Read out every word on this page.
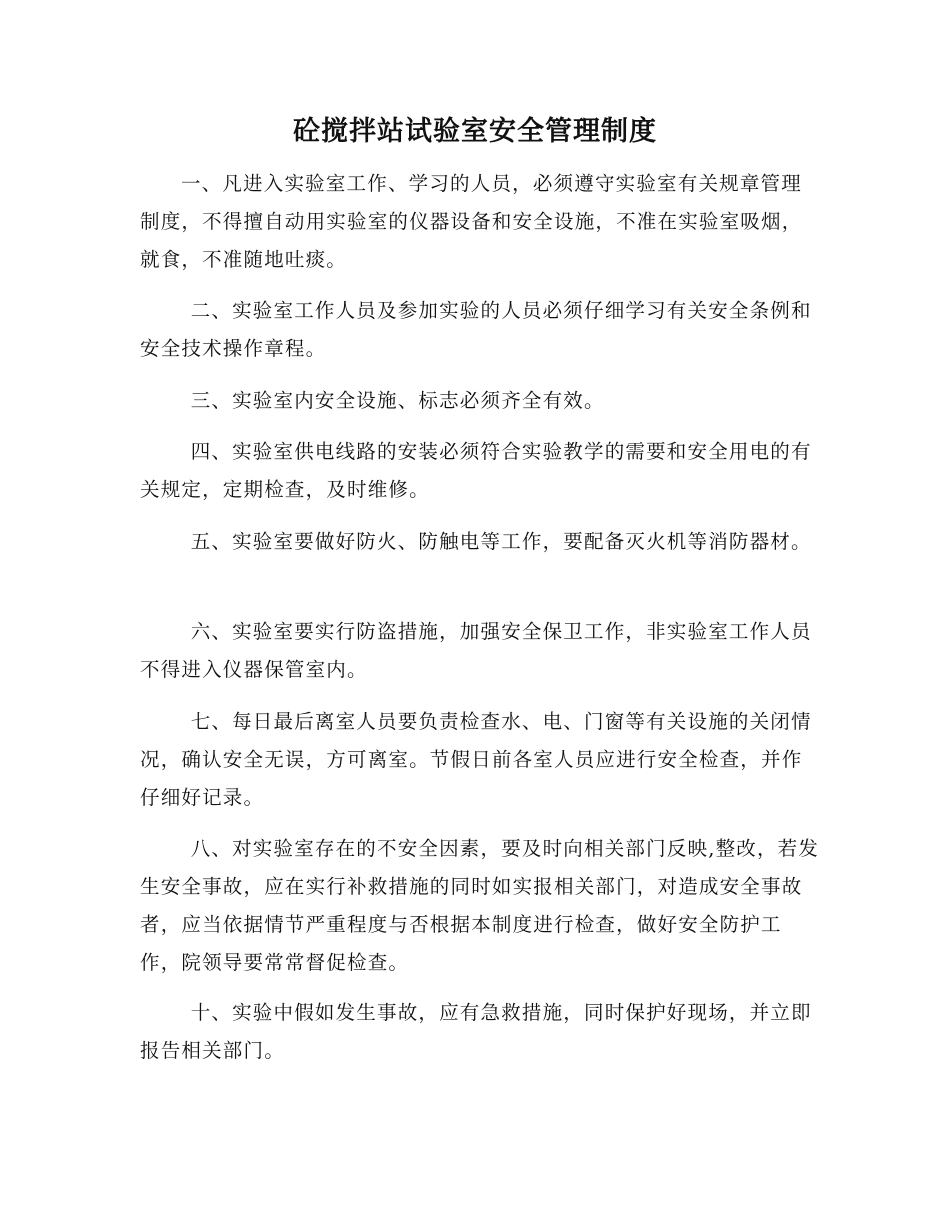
砼搅拌站试验室安全管理制度

一、凡进入实验室工作、学习的人员，必须遵守实验室有关规章管理制度，不得擅自动用实验室的仪器设备和安全设施，不准在实验室吸烟，就食，不准随地吐痰。

二、实验室工作人员及参加实验的人员必须仔细学习有关安全条例和安全技术操作章程。

三、实验室内安全设施、标志必须齐全有效。

四、实验室供电线路的安装必须符合实验教学的需要和安全用电的有关规定，定期检查，及时维修。

五、实验室要做好防火、防触电等工作，要配备灭火机等消防器材。

六、实验室要实行防盗措施，加强安全保卫工作，非实验室工作人员不得进入仪器保管室内。

七、每日最后离室人员要负责检查水、电、门窗等有关设施的关闭情况，确认安全无误，方可离室。节假日前各室人员应进行安全检查，并作仔细好记录。

八、对实验室存在的不安全因素，要及时向相关部门反映,整改，若发生安全事故，应在实行补救措施的同时如实报相关部门，对造成安全事故者，应当依据情节严重程度与否根据本制度进行检查，做好安全防护工作，院领导要常常督促检查。

十、实验中假如发生事故，应有急救措施，同时保护好现场，并立即报告相关部门。
